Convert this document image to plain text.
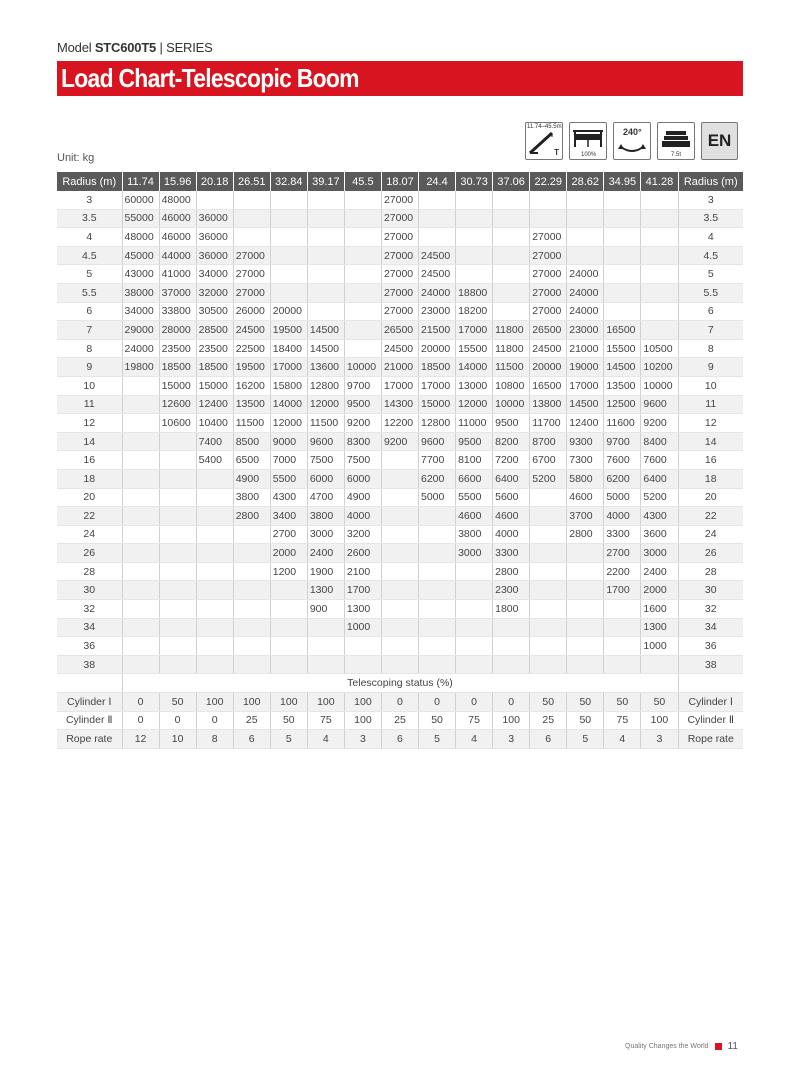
Model STC600T5 | SERIES
Load Chart-Telescopic Boom
11.74–45.5m
T	100%
240°
7.5t
EN
Unit: kg
Radius (m)	11.74	15.96	20.18	26.51	32.84	39.17	45.5	18.07	24.4	30.73	37.06	22.29	28.62	34.95	41.28	Radius (m)
3	60000	48000						27000								3
3.5	55000	46000	36000					27000								3.5
4	48000	46000	36000					27000				27000				4
4.5	45000	44000	36000	27000				27000	24500			27000				4.5
5	43000	41000	34000	27000				27000	24500			27000	24000			5
5.5	38000	37000	32000	27000				27000	24000	18800		27000	24000			5.5
6	34000	33800	30500	26000	20000			27000	23000	18200		27000	24000			6
7	29000	28000	28500	24500	19500	14500		26500	21500	17000	11800	26500	23000	16500		7
8	24000	23500	23500	22500	18400	14500		24500	20000	15500	11800	24500	21000	15500	10500	8
9	19800	18500	18500	19500	17000	13600	10000	21000	18500	14000	11500	20000	19000	14500	10200	9
10		15000	15000	16200	15800	12800	9700	17000	17000	13000	10800	16500	17000	13500	10000	10
11		12600	12400	13500	14000	12000	9500	14300	15000	12000	10000	13800	14500	12500	9600	11
12		10600	10400	11500	12000	11500	9200	12200	12800	11000	9500	11700	12400	11600	9200	12
14			7400	8500	9000	9600	8300	9200	9600	9500	8200	8700	9300	9700	8400	14
16			5400	6500	7000	7500	7500		7700	8100	7200	6700	7300	7600	7600	16
18				4900	5500	6000	6000		6200	6600	6400	5200	5800	6200	6400	18
20				3800	4300	4700	4900		5000	5500	5600		4600	5000	5200	20
22				2800	3400	3800	4000			4600	4600		3700	4000	4300	22
24					2700	3000	3200			3800	4000		2800	3300	3600	24
26					2000	2400	2600			3000	3300			2700	3000	26
28					1200	1900	2100				2800			2200	2400	28
30						1300	1700				2300			1700	2000	30
32						900	1300				1800				1600	32
34							1000								1300	34
36															1000	36
38																38
	Telescoping status (%)															
Cylinder Ⅰ	0	50	100	100	100	100	100	0	0	0	0	50	50	50	50	Cylinder Ⅰ
Cylinder Ⅱ	0	0	0	25	50	75	100	25	50	75	100	25	50	75	100	Cylinder Ⅱ
Rope rate	12	10	8	6	5	4	3	6	5	4	3	6	5	4	3	Rope rate
Quality Changes the World 11
